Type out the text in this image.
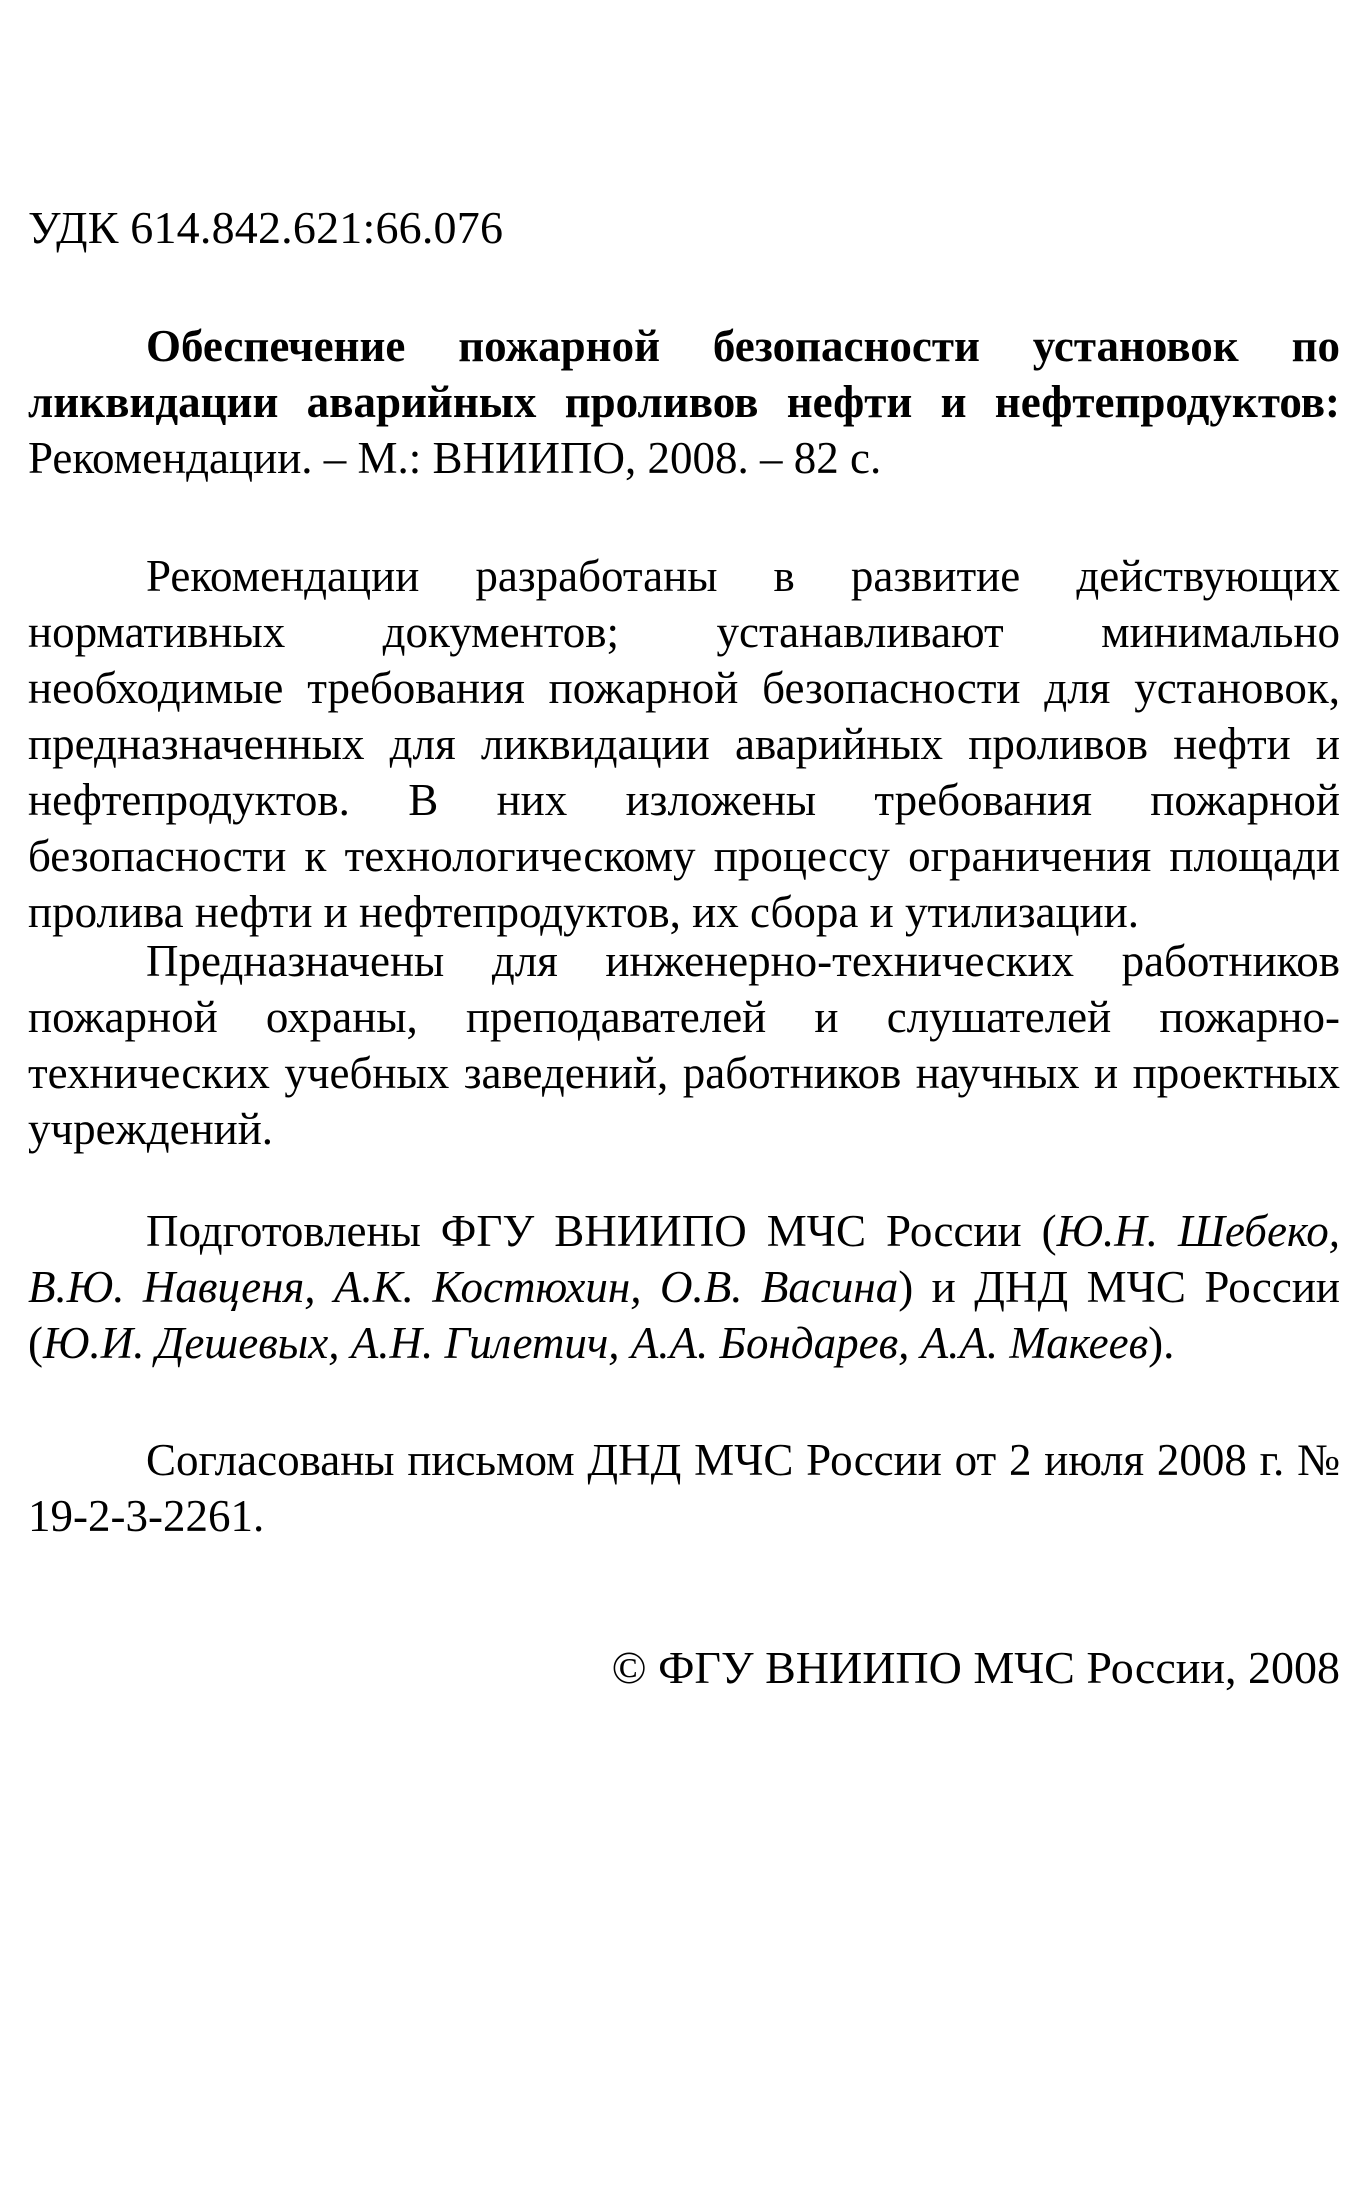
УДК 614.842.621:66.076

Обеспечение пожарной безопасности установок по ликвидации аварийных проливов нефти и нефтепродуктов: Рекомендации. – М.: ВНИИПО, 2008. – 82 с.

Рекомендации разработаны в развитие действующих нормативных документов; устанавливают минимально необходимые требования пожарной безопасности для установок, предназначенных для ликвидации аварийных проливов нефти и нефтепродуктов. В них изложены требования пожарной безопасности к технологическому процессу ограничения площади пролива нефти и нефтепродуктов, их сбора и утилизации.

Предназначены для инженерно-технических работников пожарной охраны, преподавателей и слушателей пожарно-технических учебных заведений, работников научных и проектных учреждений.

Подготовлены ФГУ ВНИИПО МЧС России (Ю.Н. Шебеко, В.Ю. Навценя, А.К. Костюхин, О.В. Васина) и ДНД МЧС России (Ю.И. Дешевых, А.Н. Гилетич, А.А. Бондарев, А.А. Макеев).

Согласованы письмом ДНД МЧС России от 2 июля 2008 г. № 19-2-3-2261.

© ФГУ ВНИИПО МЧС России, 2008
